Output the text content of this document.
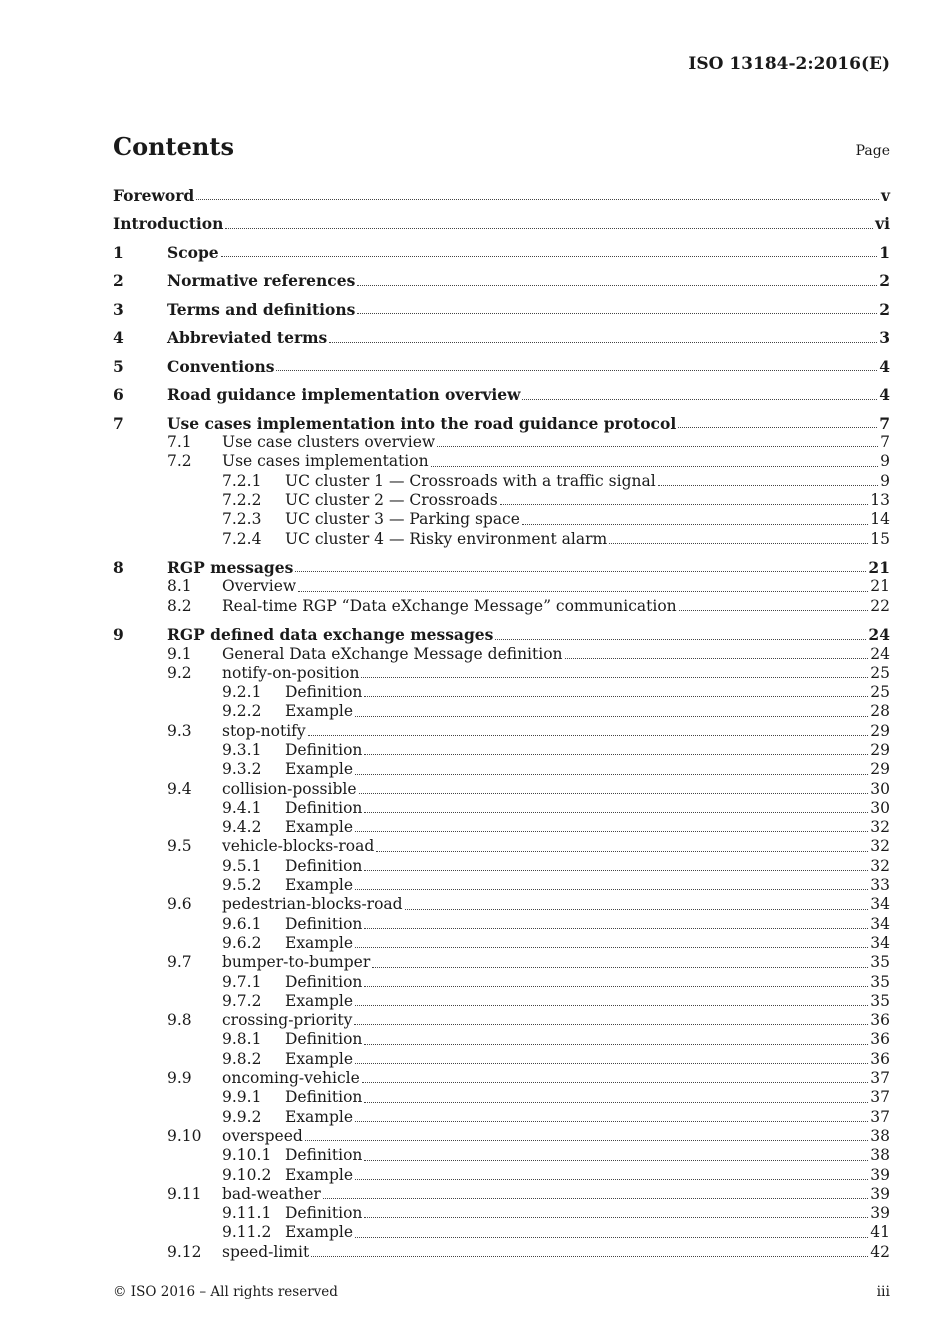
ISO 13184-2:2016(E)
Contents	Page
Foreword	v
Introduction	vi
1	Scope	1
2	Normative references	2
3	Terms and definitions	2
4	Abbreviated terms	3
5	Conventions	4
6	Road guidance implementation overview	4
7	Use cases implementation into the road guidance protocol	7
7.1 Use case clusters overview	7
7.2 Use cases implementation	9
7.2.1 UC cluster 1 — Crossroads with a traffic signal	9
7.2.2 UC cluster 2 — Crossroads	13
7.2.3 UC cluster 3 — Parking space	14
7.2.4 UC cluster 4 — Risky environment alarm	15
8	RGP messages	21
8.1 Overview	21
8.2 Real-time RGP “Data eXchange Message” communication	22
9	RGP defined data exchange messages	24
9.1 General Data eXchange Message definition	24
9.2 notify-on-position	25
9.2.1 Definition	25
9.2.2 Example	28
9.3 stop-notify	29
9.3.1 Definition	29
9.3.2 Example	29
9.4 collision-possible	30
9.4.1 Definition	30
9.4.2 Example	32
9.5 vehicle-blocks-road	32
9.5.1 Definition	32
9.5.2 Example	33
9.6 pedestrian-blocks-road	34
9.6.1 Definition	34
9.6.2 Example	34
9.7 bumper-to-bumper	35
9.7.1 Definition	35
9.7.2 Example	35
9.8 crossing-priority	36
9.8.1 Definition	36
9.8.2 Example	36
9.9 oncoming-vehicle	37
9.9.1 Definition	37
9.9.2 Example	37
9.10 overspeed	38
9.10.1 Definition	38
9.10.2 Example	39
9.11 bad-weather	39
9.11.1 Definition	39
9.11.2 Example	41
9.12 speed-limit	42
© ISO 2016 – All rights reserved	iii
